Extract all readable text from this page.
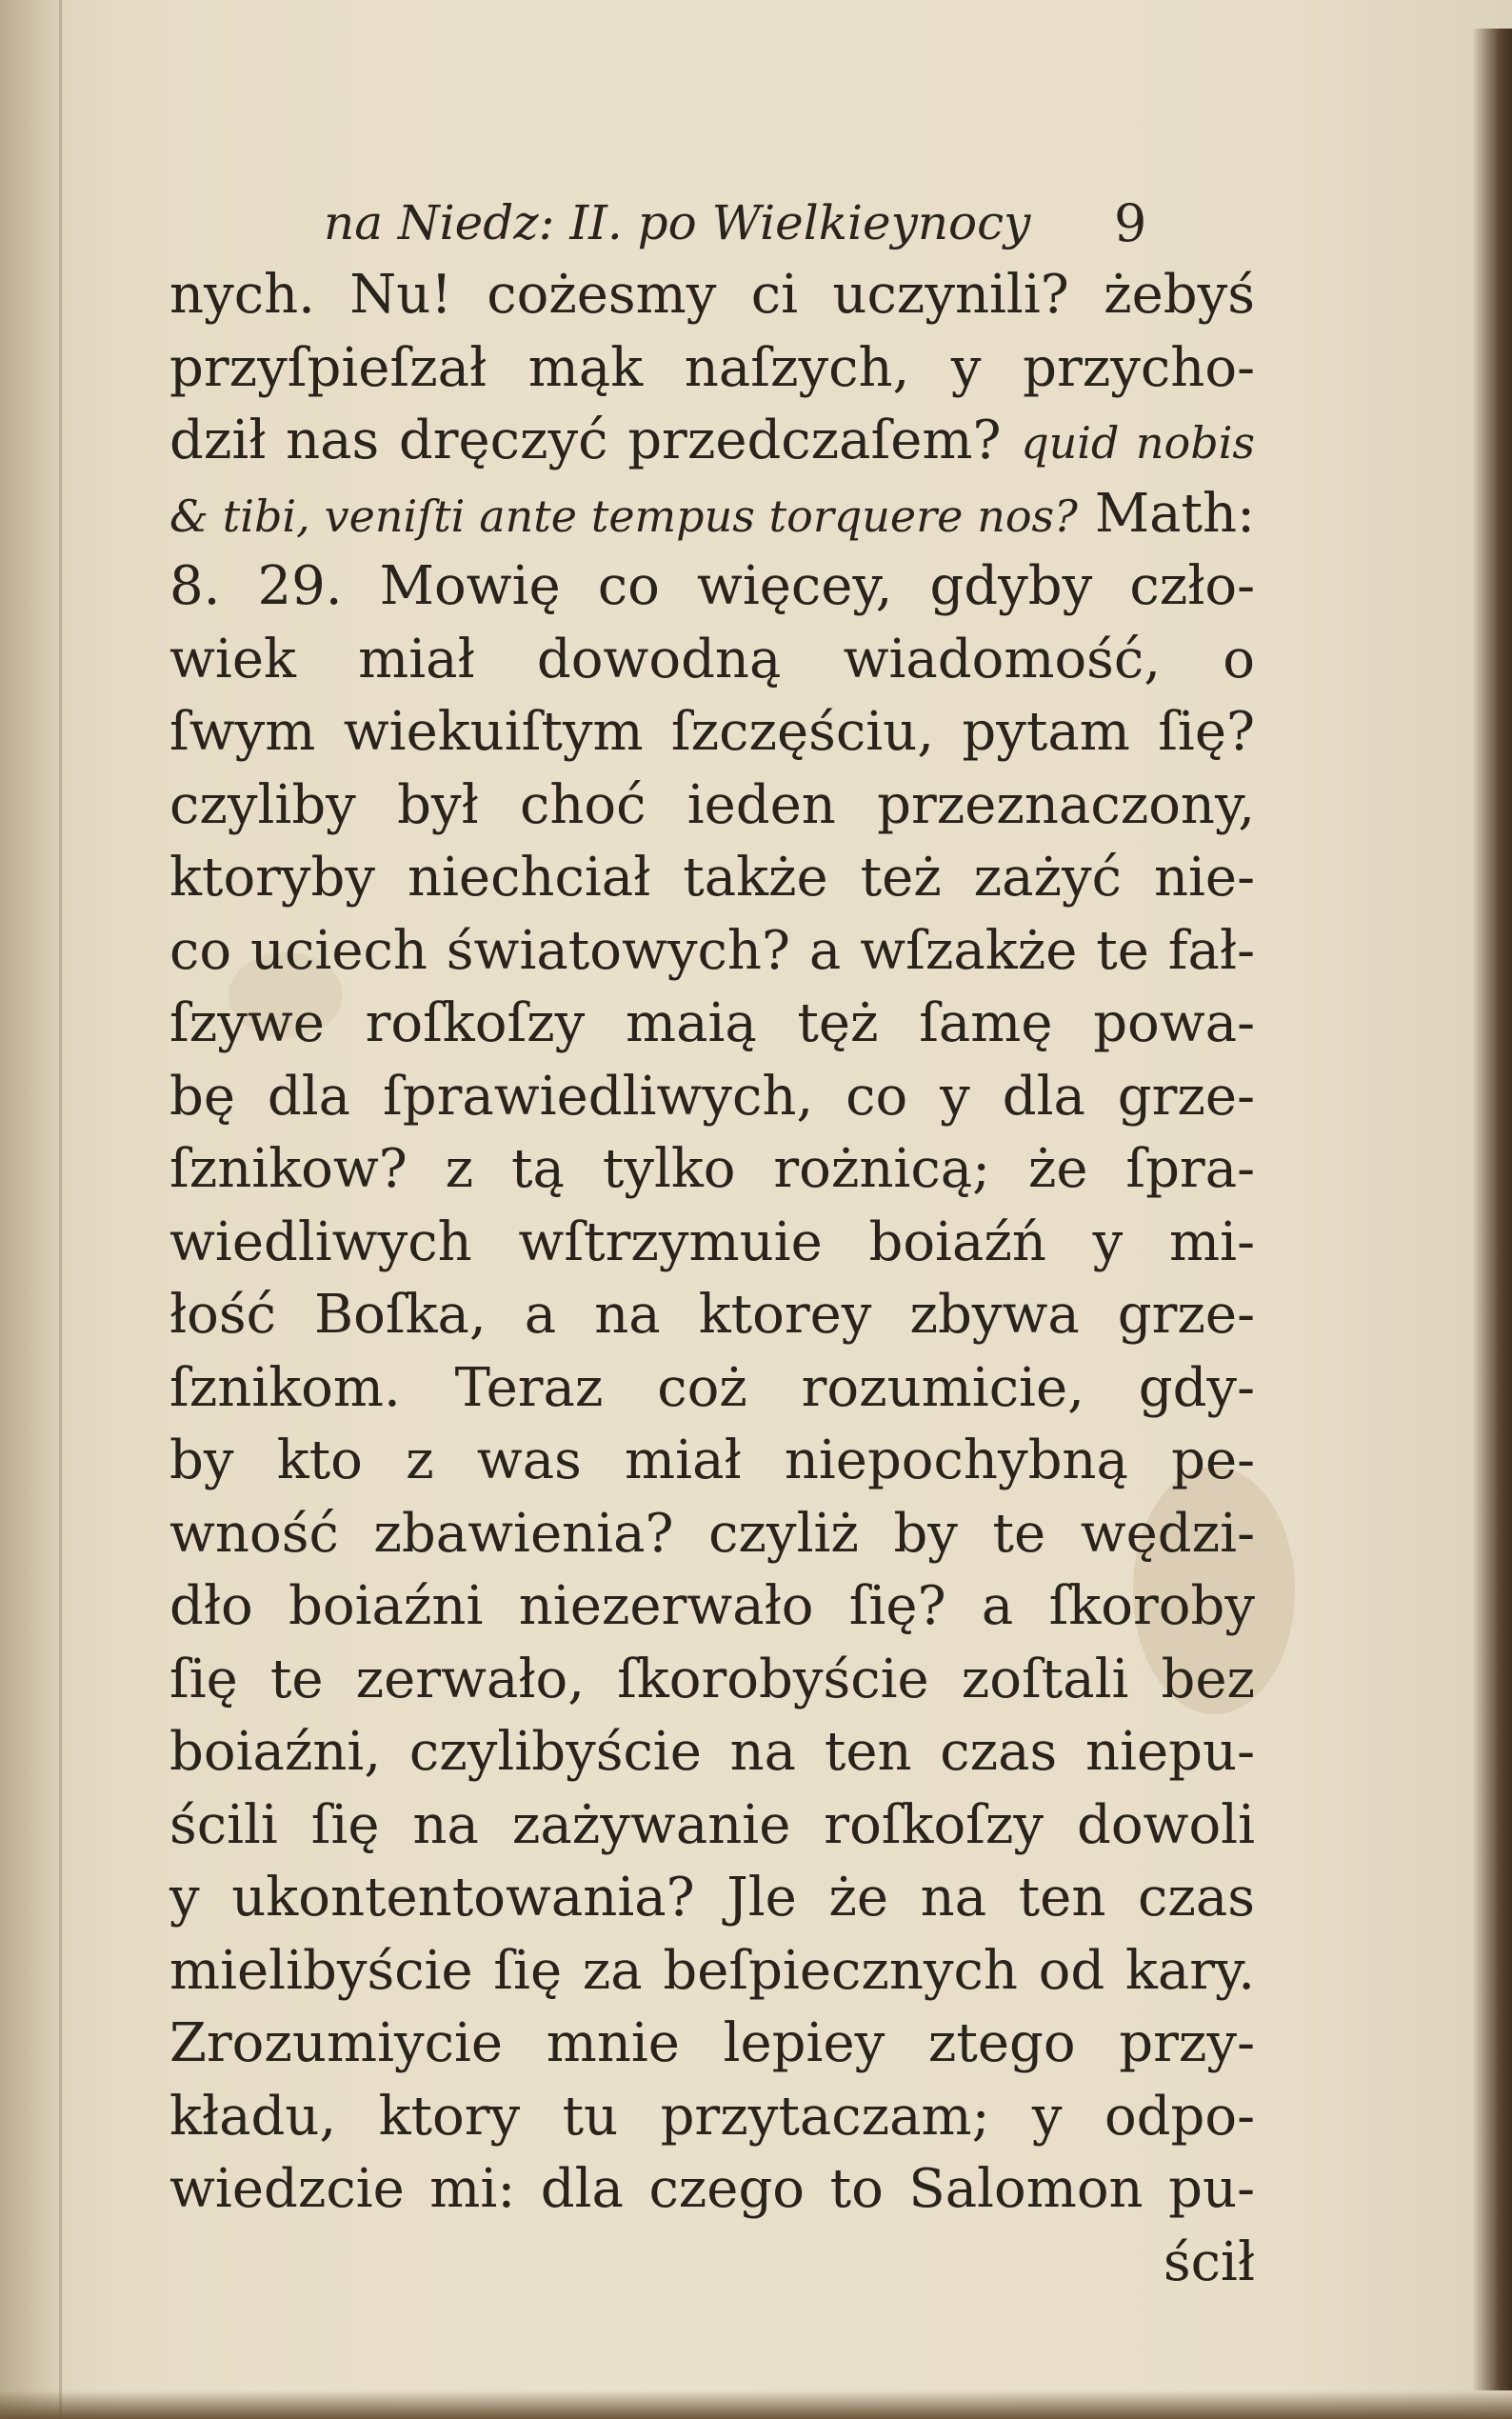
na Niedz: II. po Wielkieynocy 9
nych. Nu! cożesmy ci uczynili? żebyś
przyſpieſzał mąk naſzych, y przycho-
dził nas dręczyć przedczaſem? quid nobis
& tibi, veniſti ante tempus torquere nos? Math:
8. 29. Mowię co więcey, gdyby czło-
wiek miał dowodną wiadomość, o
ſwym wiekuiſtym ſzczęściu, pytam ſię?
czyliby był choć ieden przeznaczony,
ktoryby niechciał także też zażyć nie-
co uciech światowych? a wſzakże te fał-
ſzywe roſkoſzy maią tęż ſamę powa-
bę dla ſprawiedliwych, co y dla grze-
ſznikow? z tą tylko rożnicą; że ſpra-
wiedliwych wſtrzymuie boiaźń y mi-
łość Boſka, a na ktorey zbywa grze-
ſznikom. Teraz coż rozumicie, gdy-
by kto z was miał niepochybną pe-
wność zbawienia? czyliż by te wędzi-
dło boiaźni niezerwało ſię? a ſkoroby
ſię te zerwało, ſkorobyście zoſtali bez
boiaźni, czylibyście na ten czas niepu-
ścili ſię na zażywanie roſkoſzy dowoli
y ukontentowania? Jle że na ten czas
mielibyście ſię za beſpiecznych od kary.
Zrozumiycie mnie lepiey ztego przy-
kładu, ktory tu przytaczam; y odpo-
wiedzcie mi: dla czego to Salomon pu-
ścił
